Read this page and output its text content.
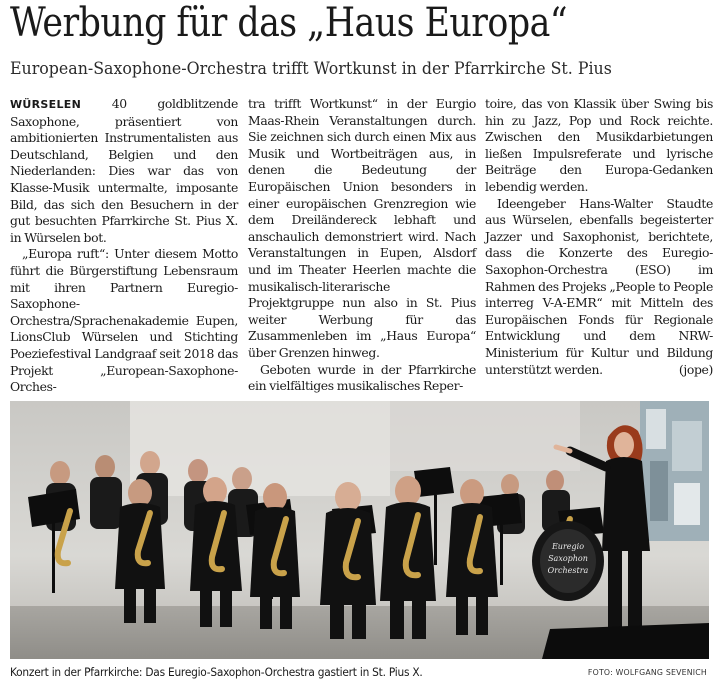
Werbung für das „Haus Europa“
European-Saxophone-Orchestra trifft Wortkunst in der Pfarrkirche St. Pius

WÜRSELEN 40 goldblitzende Saxophone, präsentiert von ambitionierten Instrumentalisten aus Deutschland, Belgien und den Niederlanden: Dies war das von Klasse-Musik untermalte, imposante Bild, das sich den Besuchern in der gut besuchten Pfarrkirche St. Pius X. in Würselen bot.

„Europa ruft“: Unter diesem Motto führt die Bürgerstiftung Lebensraum mit ihren Partnern Euregio-Saxophone-Orchestra/Sprachenakademie Eupen, LionsClub Würselen und Stichting Poeziefestival Landgraaf seit 2018 das Projekt „European-Saxophone-Orches-

tra trifft Wortkunst“ in der Eurgio Maas-Rhein Veranstaltungen durch. Sie zeichnen sich durch einen Mix aus Musik und Wortbeiträgen aus, in denen die Bedeutung der Europäischen Union besonders in einer europäischen Grenzregion wie dem Dreiländereck lebhaft und anschaulich demonstriert wird. Nach Veranstaltungen in Eupen, Alsdorf und im Theater Heerlen machte die musikalisch-literarische Projektgruppe nun also in St. Pius weiter Werbung für das Zusammenleben im „Haus Europa“ über Grenzen hinweg.

Geboten wurde in der Pfarrkirche ein vielfältiges musikalisches Reper-

toire, das von Klassik über Swing bis hin zu Jazz, Pop und Rock reichte. Zwischen den Musikdarbietungen ließen Impulsreferate und lyrische Beiträge den Europa-Gedanken lebendig werden.

Ideengeber Hans-Walter Staudte aus Würselen, ebenfalls begeisterter Jazzer und Saxophonist, berichtete, dass die Konzerte des Euregio-Saxophon-Orchestra (ESO) im Rahmen des Projeks „People to People interreg V-A-EMR“ mit Mitteln des Europäischen Fonds für Regionale Entwicklung und dem NRW-Ministerium für Kultur und Bildung unterstützt werden.	(jope)

Euregio
Saxophon
Orchestra
Konzert in der Pfarrkirche: Das Euregio-Saxophon-Orchestra gastiert in St. Pius X.	FOTO: WOLFGANG SEVENICH
